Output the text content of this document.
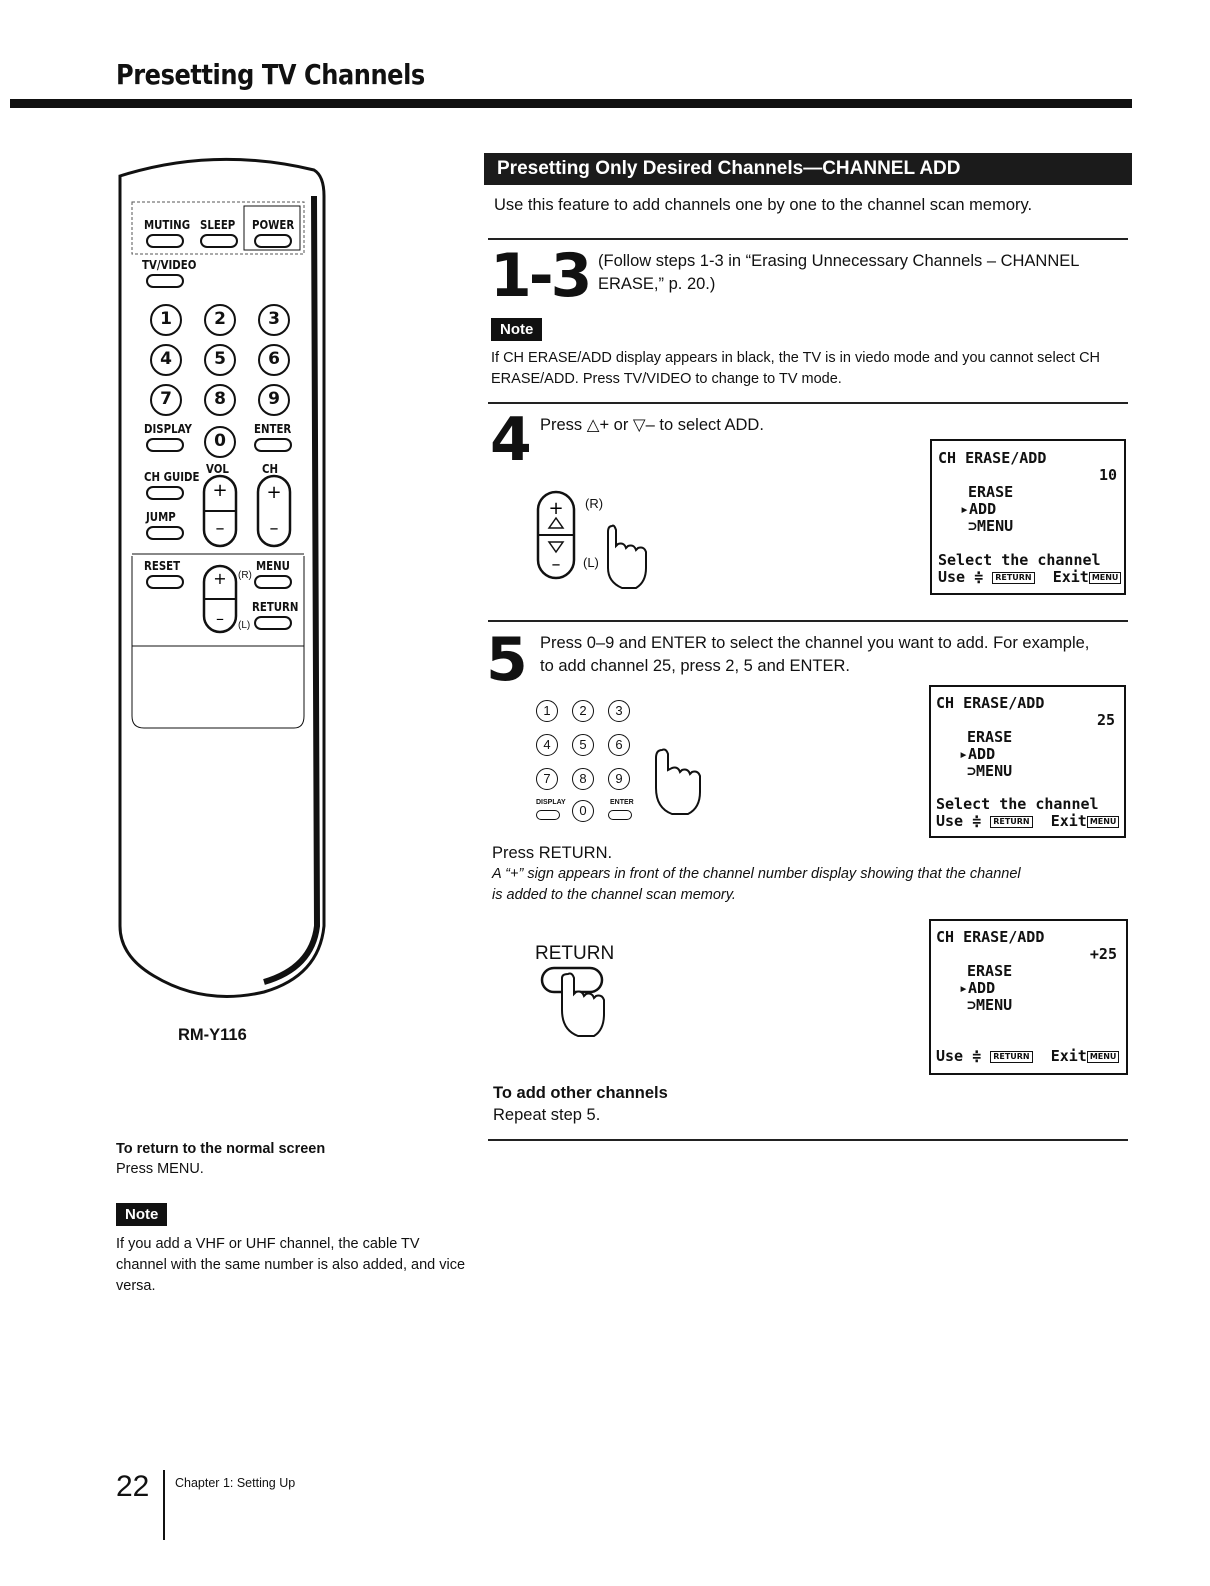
Presetting TV Channels
MUTING SLEEP POWER
TV/VIDEO
1	2	3
4	5	6
7	8	9
DISPLAY	ENTER
0
VOL	CH
CH GUIDE
+
–
+
–
JUMP
RESET	MENU
+
–
(R)
RETURN
(L)
RM-Y116
To return to the normal screen
Press MENU.
Note
If you add a VHF or UHF channel, the cable TV channel with the same number is also added, and vice versa.
Presetting Only Desired Channels—CHANNEL ADD
Use this feature to add channels one by one to the channel scan memory.
1-3 (Follow steps 1-3 in “Erasing Unnecessary Channels – CHANNEL ERASE,” p. 20.)
Note
If CH ERASE/ADD display appears in black, the TV is in viedo mode and you cannot select CH ERASE/ADD. Press TV/VIDEO to change to TV mode.
4 Press △+ or ▽– to select ADD.
+
–
(R)
(L)
CH ERASE/ADD
10
ERASE
▸ADD
⊃MENU
Select the channel
Use ≑ RETURN Exit MENU
5 Press 0–9 and ENTER to select the channel you want to add. For example, to add channel 25, press 2, 5 and ENTER.
1	2	3
4	5	6
7	8	9
0
DISPLAY	ENTER
CH ERASE/ADD
25
ERASE
▸ADD
⊃MENU
Select the channel
Use ≑ RETURN Exit MENU
Press RETURN.
A “+” sign appears in front of the channel number display showing that the channel is added to the channel scan memory.
RETURN
CH ERASE/ADD
+25
ERASE
▸ADD
⊃MENU
Use ≑ RETURN Exit MENU
To add other channels
Repeat step 5.
22 Chapter 1: Setting Up
